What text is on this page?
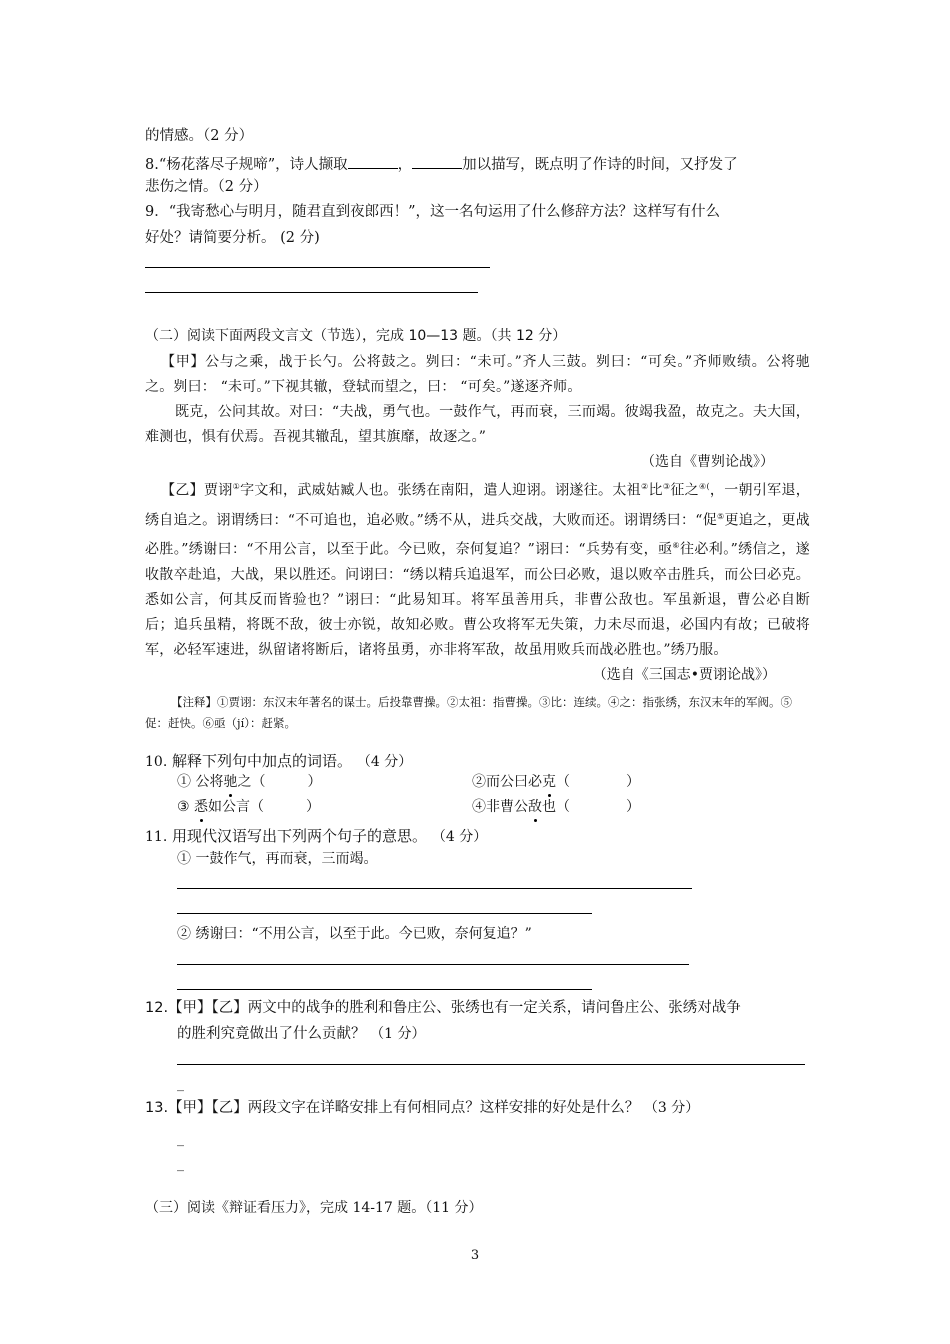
的情感。（2 分）
8.“杨花落尽子规啼”，诗人撷取	，	加以描写，既点明了作诗的时间，又抒发了
悲伤之情。（2 分）
9．“我寄愁心与明月，随君直到夜郎西！”，这一名句运用了什么修辞方法？这样写有什么
好处？请简要分析。 (2 分)
（二）阅读下面两段文言文（节选），完成 10—13 题。（共 12 分）

【甲】公与之乘，战于长勺。公将鼓之。刿曰：“未可。”齐人三鼓。刿曰：“可矣。”齐师败绩。公将驰之。刿曰： “未可。”下视其辙，登轼而望之，曰： “可矣。”遂逐齐师。

既克，公问其故。对曰：“夫战，勇气也。一鼓作气，再而衰，三而竭。彼竭我盈，故克之。夫大国，难测也，惧有伏焉。吾视其辙乱，望其旗靡，故逐之。”

（选自《曹刿论战》）

【乙】贾诩①字文和，武威姑臧人也。张绣在南阳，遣人迎诩。诩遂往。太祖②比③征之④(，一朝引军退，绣自追之。诩谓绣曰：“不可追也，追必败。”绣不从，进兵交战，大败而还。诩谓绣曰：“促⑤更追之，更战必胜。”绣谢曰：“不用公言，以至于此。今已败，奈何复追？”诩曰：“兵势有变，亟⑥往必利。”绣信之，遂收散卒赴追，大战，果以胜还。问诩曰：“绣以精兵追退军，而公曰必败，退以败卒击胜兵，而公曰必克。悉如公言，何其反而皆验也？”诩曰：“此易知耳。将军虽善用兵，非曹公敌也。军虽新退，曹公必自断后；追兵虽精，将既不敌，彼士亦锐，故知必败。曹公攻将军无失策，力未尽而退，必国内有故；已破将军，必轻军速进，纵留诸将断后，诸将虽勇，亦非将军敌，故虽用败兵而战必胜也。”绣乃服。

（选自《三国志•贾诩论战》）

【注释】①贾诩：东汉末年著名的谋士。后投靠曹操。②太祖：指曹操。③比：连续。④之：指张绣，东汉末年的军阀。⑤促：赶快。⑥亟（jí）：赶紧。

10. 解释下列句中加点的词语。 （4 分）
① 公将驰之（　　　）	②而公曰必克（　　　　）
③ 悉如公言（　　　）	④非曹公敌也（　　　　）
11. 用现代汉语写出下列两个句子的意思。 （4 分）
① 一鼓作气，再而衰，三而竭。
② 绣谢曰：“不用公言，以至于此。今已败，奈何复追？”
12.【甲】【乙】两文中的战争的胜利和鲁庄公、张绣也有一定关系，请问鲁庄公、张绣对战争
的胜利究竟做出了什么贡献？ （1 分）
_
13.【甲】【乙】两段文字在详略安排上有何相同点？这样安排的好处是什么？ （3 分）
_
_
（三）阅读《辩证看压力》，完成 14-17 题。（11 分）
3
